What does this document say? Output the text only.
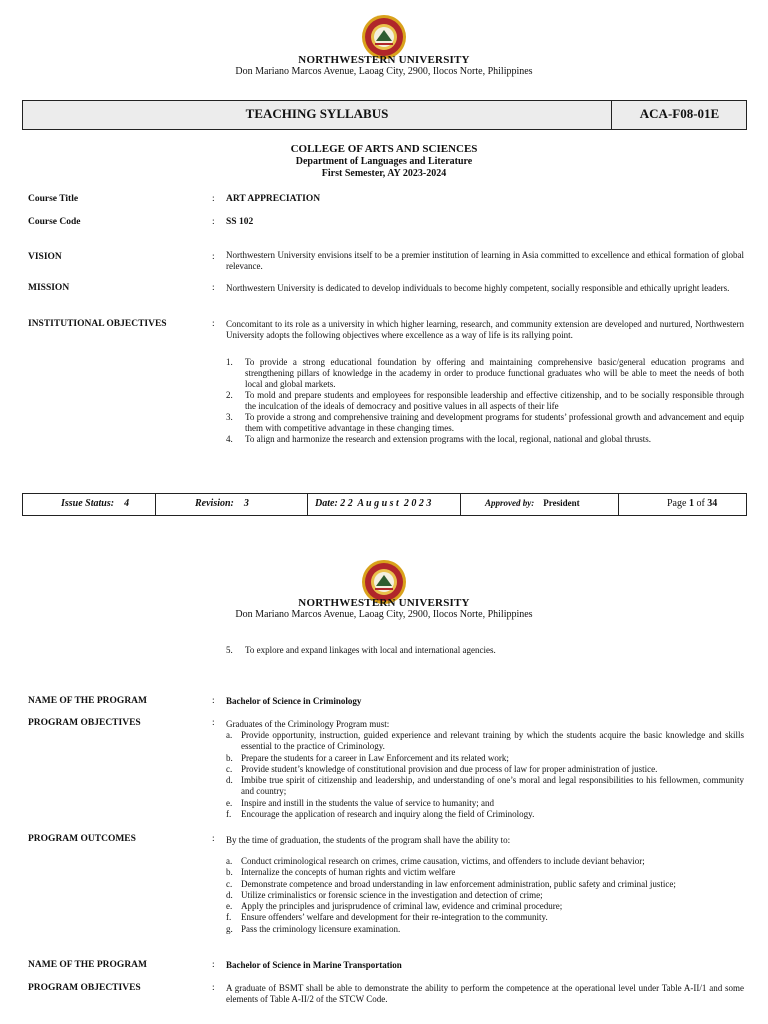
NORTHWESTERN UNIVERSITY
Don Mariano Marcos Avenue, Laoag City, 2900, Ilocos Norte, Philippines
TEACHING SYLLABUS	ACA-F08-01E
COLLEGE OF ARTS AND SCIENCES
Department of Languages and Literature
First Semester, AY 2023-2024
Course Title	: ART APPRECIATION
Course Code	: SS 102
VISION	: Northwestern University envisions itself to be a premier institution of learning in Asia committed to excellence and ethical formation of global relevance.
MISSION	: Northwestern University is dedicated to develop individuals to become highly competent, socially responsible and ethically upright leaders.
INSTITUTIONAL OBJECTIVES	: Concomitant to its role as a university in which higher learning, research, and community extension are developed and nurtured, Northwestern University adopts the following objectives where excellence as a way of life is its rallying point.
1. To provide a strong educational foundation by offering and maintaining comprehensive basic/general education programs and strengthening pillars of knowledge in the academy in order to produce functional graduates who will be able to meet the needs of both local and global markets.
2. To mold and prepare students and employees for responsible leadership and effective citizenship, and to be socially responsible through the inculcation of the ideals of democracy and positive values in all aspects of their life
3. To provide a strong and comprehensive training and development programs for students’ professional growth and advancement and equip them with competitive advantage in these changing times.
4. To align and harmonize the research and extension programs with the local, regional, national and global thrusts.
Issue Status: 4	Revision: 3	Date: 2 2  A u g u s t  2 0 2 3	Approved by: President	Page 1 of 34
NORTHWESTERN UNIVERSITY
Don Mariano Marcos Avenue, Laoag City, 2900, Ilocos Norte, Philippines
5. To explore and expand linkages with local and international agencies.
NAME OF THE PROGRAM	: Bachelor of Science in Criminology
PROGRAM OBJECTIVES	: Graduates of the Criminology Program must:
a. Provide opportunity, instruction, guided experience and relevant training by which the students acquire the basic knowledge and skills essential to the practice of Criminology.
b. Prepare the students for a career in Law Enforcement and its related work;
c. Provide student’s knowledge of constitutional provision and due process of law for proper administration of justice.
d. Imbibe true spirit of citizenship and leadership, and understanding of one’s moral and legal responsibilities to his fellowmen, community and country;
e. Inspire and instill in the students the value of service to humanity; and
f. Encourage the application of research and inquiry along the field of Criminology.
PROGRAM OUTCOMES	: By the time of graduation, the students of the program shall have the ability to:
a. Conduct criminological research on crimes, crime causation, victims, and offenders to include deviant behavior;
b. Internalize the concepts of human rights and victim welfare
c. Demonstrate competence and broad understanding in law enforcement administration, public safety and criminal justice;
d. Utilize criminalistics or forensic science in the investigation and detection of crime;
e. Apply the principles and jurisprudence of criminal law, evidence and criminal procedure;
f. Ensure offenders’ welfare and development for their re-integration to the community.
g. Pass the criminology licensure examination.
NAME OF THE PROGRAM	: Bachelor of Science in Marine Transportation
PROGRAM OBJECTIVES	: A graduate of BSMT shall be able to demonstrate the ability to perform the competence at the operational level under Table A-II/1 and some elements of Table A-II/2 of the STCW Code.
